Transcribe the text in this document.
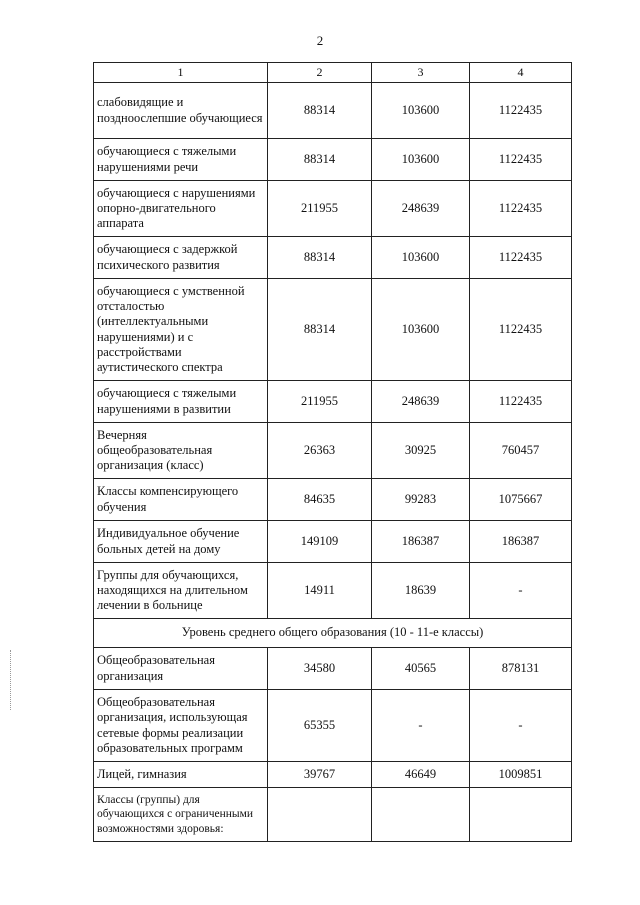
2
1	2	3	4
слабовидящие и поздноослепшие обучающиеся	88314	103600	1122435
обучающиеся с тяжелыми нарушениями речи	88314	103600	1122435
обучающиеся с нарушениями опорно-двигательного аппарата	211955	248639	1122435
обучающиеся с задержкой психического развития	88314	103600	1122435
обучающиеся с умственной отсталостью (интеллектуальными нарушениями) и с расстройствами аутистического спектра	88314	103600	1122435
обучающиеся с тяжелыми нарушениями в развитии	211955	248639	1122435
Вечерняя общеобразовательная организация (класс)	26363	30925	760457
Классы компенсирующего обучения	84635	99283	1075667
Индивидуальное обучение больных детей на дому	149109	186387	186387
Группы для обучающихся, находящихся на длительном лечении в больнице	14911	18639	-
Уровень среднего общего образования (10 - 11-е классы)			
Общеобразовательная организация	34580	40565	878131
Общеобразовательная организация, использующая сетевые формы реализации образовательных программ	65355	-	-
Лицей, гимназия	39767	46649	1009851
Классы (группы) для обучающихся с ограниченными возможностями здоровья:			
